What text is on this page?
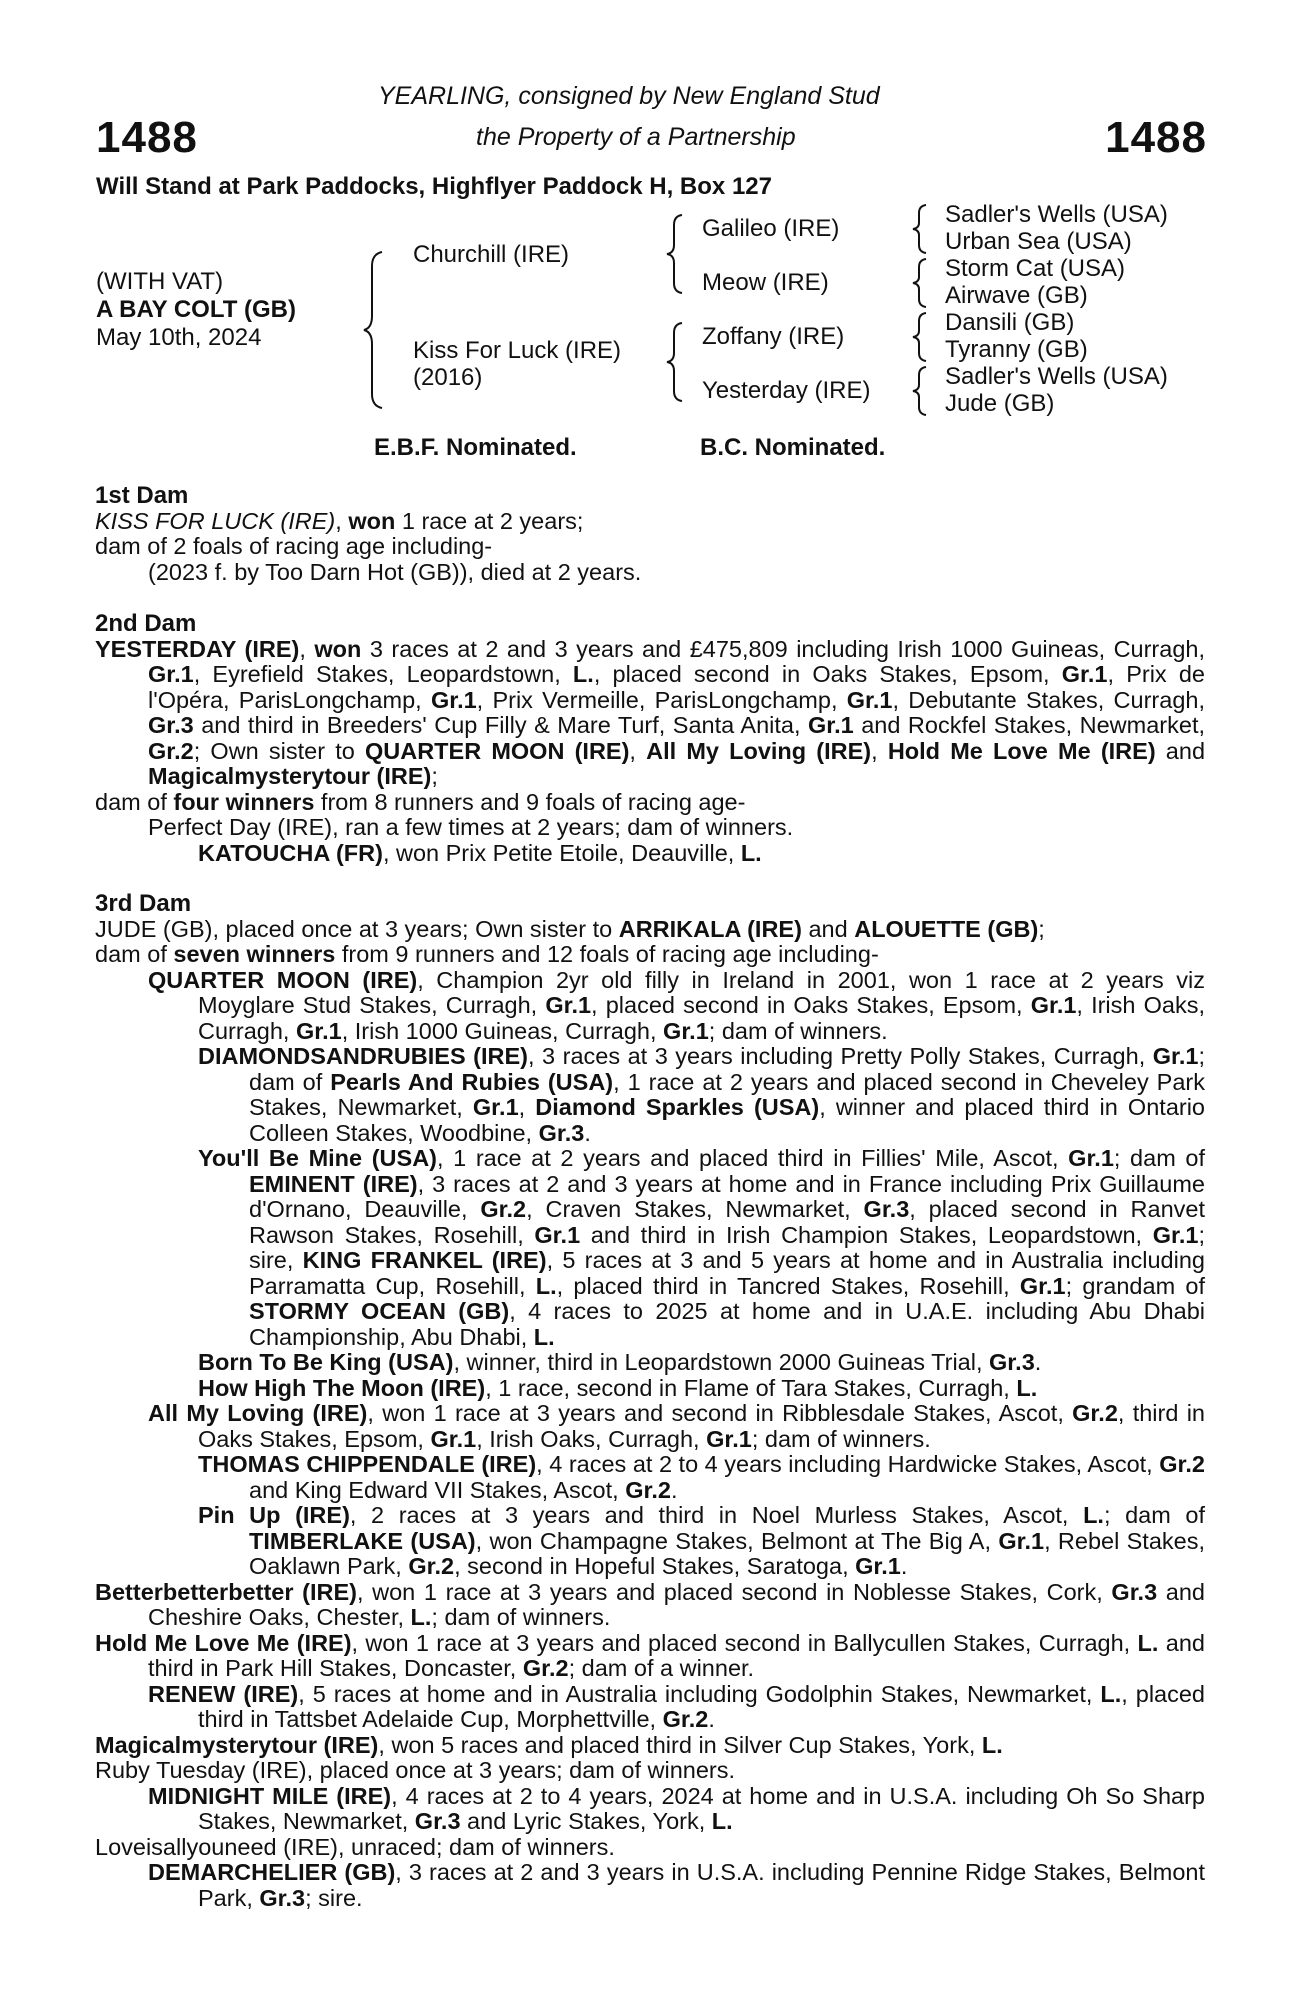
1488	1488
YEARLING, consigned by New England Stud
the Property of a Partnership
Will Stand at Park Paddocks, Highflyer Paddock H, Box 127
(WITH VAT)
A BAY COLT (GB)
May 10th, 2024
Churchill (IRE)
Kiss For Luck (IRE)
(2016)
Galileo (IRE)
Meow (IRE)
Zoffany (IRE)
Yesterday (IRE)
Sadler's Wells (USA)
Urban Sea (USA)
Storm Cat (USA)
Airwave (GB)
Dansili (GB)
Tyranny (GB)
Sadler's Wells (USA)
Jude (GB)
E.B.F. Nominated.	B.C. Nominated.
1st Dam
KISS FOR LUCK (IRE), won 1 race at 2 years;
dam of 2 foals of racing age including-
(2023 f. by Too Darn Hot (GB)), died at 2 years.
2nd Dam
YESTERDAY (IRE), won 3 races at 2 and 3 years and £475,809 including Irish 1000 Guineas, Curragh, Gr.1, Eyrefield Stakes, Leopardstown, L., placed second in Oaks Stakes, Epsom, Gr.1, Prix de l'Opéra, ParisLongchamp, Gr.1, Prix Vermeille, ParisLongchamp, Gr.1, Debutante Stakes, Curragh, Gr.3 and third in Breeders' Cup Filly & Mare Turf, Santa Anita, Gr.1 and Rockfel Stakes, Newmarket, Gr.2; Own sister to QUARTER MOON (IRE), All My Loving (IRE), Hold Me Love Me (IRE) and Magicalmysterytour (IRE);
dam of four winners from 8 runners and 9 foals of racing age-
Perfect Day (IRE), ran a few times at 2 years; dam of winners.
KATOUCHA (FR), won Prix Petite Etoile, Deauville, L.
3rd Dam
JUDE (GB), placed once at 3 years; Own sister to ARRIKALA (IRE) and ALOUETTE (GB);
dam of seven winners from 9 runners and 12 foals of racing age including-
QUARTER MOON (IRE), Champion 2yr old filly in Ireland in 2001, won 1 race at 2 years viz Moyglare Stud Stakes, Curragh, Gr.1, placed second in Oaks Stakes, Epsom, Gr.1, Irish Oaks, Curragh, Gr.1, Irish 1000 Guineas, Curragh, Gr.1; dam of winners.
DIAMONDSANDRUBIES (IRE), 3 races at 3 years including Pretty Polly Stakes, Curragh, Gr.1; dam of Pearls And Rubies (USA), 1 race at 2 years and placed second in Cheveley Park Stakes, Newmarket, Gr.1, Diamond Sparkles (USA), winner and placed third in Ontario Colleen Stakes, Woodbine, Gr.3.
You'll Be Mine (USA), 1 race at 2 years and placed third in Fillies' Mile, Ascot, Gr.1; dam of EMINENT (IRE), 3 races at 2 and 3 years at home and in France including Prix Guillaume d'Ornano, Deauville, Gr.2, Craven Stakes, Newmarket, Gr.3, placed second in Ranvet Rawson Stakes, Rosehill, Gr.1 and third in Irish Champion Stakes, Leopardstown, Gr.1; sire, KING FRANKEL (IRE), 5 races at 3 and 5 years at home and in Australia including Parramatta Cup, Rosehill, L., placed third in Tancred Stakes, Rosehill, Gr.1; grandam of STORMY OCEAN (GB), 4 races to 2025 at home and in U.A.E. including Abu Dhabi Championship, Abu Dhabi, L.
Born To Be King (USA), winner, third in Leopardstown 2000 Guineas Trial, Gr.3.
How High The Moon (IRE), 1 race, second in Flame of Tara Stakes, Curragh, L.
All My Loving (IRE), won 1 race at 3 years and second in Ribblesdale Stakes, Ascot, Gr.2, third in Oaks Stakes, Epsom, Gr.1, Irish Oaks, Curragh, Gr.1; dam of winners.
THOMAS CHIPPENDALE (IRE), 4 races at 2 to 4 years including Hardwicke Stakes, Ascot, Gr.2 and King Edward VII Stakes, Ascot, Gr.2.
Pin Up (IRE), 2 races at 3 years and third in Noel Murless Stakes, Ascot, L.; dam of TIMBERLAKE (USA), won Champagne Stakes, Belmont at The Big A, Gr.1, Rebel Stakes, Oaklawn Park, Gr.2, second in Hopeful Stakes, Saratoga, Gr.1.
Betterbetterbetter (IRE), won 1 race at 3 years and placed second in Noblesse Stakes, Cork, Gr.3 and Cheshire Oaks, Chester, L.; dam of winners.
Hold Me Love Me (IRE), won 1 race at 3 years and placed second in Ballycullen Stakes, Curragh, L. and third in Park Hill Stakes, Doncaster, Gr.2; dam of a winner.
RENEW (IRE), 5 races at home and in Australia including Godolphin Stakes, Newmarket, L., placed third in Tattsbet Adelaide Cup, Morphettville, Gr.2.
Magicalmysterytour (IRE), won 5 races and placed third in Silver Cup Stakes, York, L.
Ruby Tuesday (IRE), placed once at 3 years; dam of winners.
MIDNIGHT MILE (IRE), 4 races at 2 to 4 years, 2024 at home and in U.S.A. including Oh So Sharp Stakes, Newmarket, Gr.3 and Lyric Stakes, York, L.
Loveisallyouneed (IRE), unraced; dam of winners.
DEMARCHELIER (GB), 3 races at 2 and 3 years in U.S.A. including Pennine Ridge Stakes, Belmont Park, Gr.3; sire.
